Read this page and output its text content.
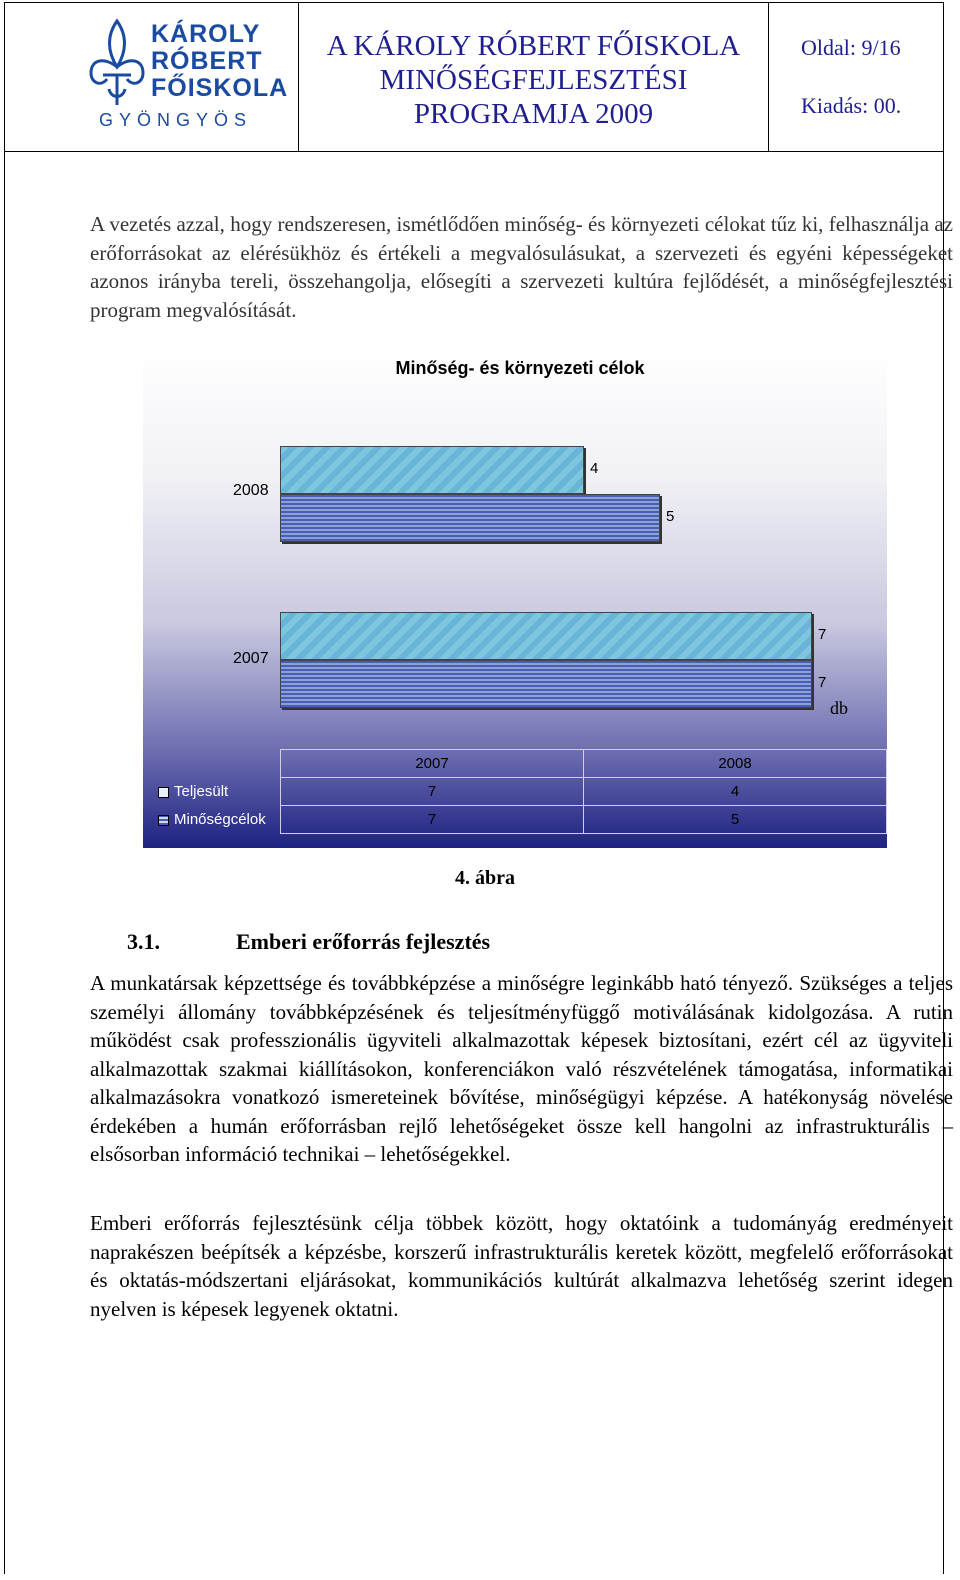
KÁROLY
RÓBERT
FŐISKOLA
GYÖNGYÖS
A KÁROLY RÓBERT FŐISKOLA
MINŐSÉGFEJLESZTÉSI
PROGRAMJA 2009
Oldal: 9/16
Kiadás: 00.
A vezetés azzal, hogy rendszeresen, ismétlődően minőség- és környezeti célokat tűz ki, felhasználja az erőforrásokat az elérésükhöz és értékeli a megvalósulásukat, a szervezeti és egyéni képességeket azonos irányba tereli, összehangolja, elősegíti a szervezeti kultúra fejlődését, a minőségfejlesztési program megvalósítását.
Minőség- és környezeti célok
2008
2007
4
5
7
7
db
	2007	2008
Teljesült	7	4
Minőségcélok	7	5
4. ábra
3.1.	Emberi erőforrás fejlesztés
A munkatársak képzettsége és továbbképzése a minőségre leginkább ható tényező. Szükséges a teljes személyi állomány továbbképzésének és teljesítményfüggő motiválásának kidolgozása. A rutin működést csak professzionális ügyviteli alkalmazottak képesek biztosítani, ezért cél az ügyviteli alkalmazottak szakmai kiállításokon, konferenciákon való részvételének támogatása, informatikai alkalmazásokra vonatkozó ismereteinek bővítése, minőségügyi képzése. A hatékonyság növelése érdekében a humán erőforrásban rejlő lehetőségeket össze kell hangolni az infrastrukturális – elsősorban információ technikai – lehetőségekkel.
Emberi erőforrás fejlesztésünk célja többek között, hogy oktatóink a tudományág eredményeit naprakészen beépítsék a képzésbe, korszerű infrastrukturális keretek között, megfelelő erőforrásokat és oktatás-módszertani eljárásokat, kommunikációs kultúrát alkalmazva lehetőség szerint idegen nyelven is képesek legyenek oktatni.
